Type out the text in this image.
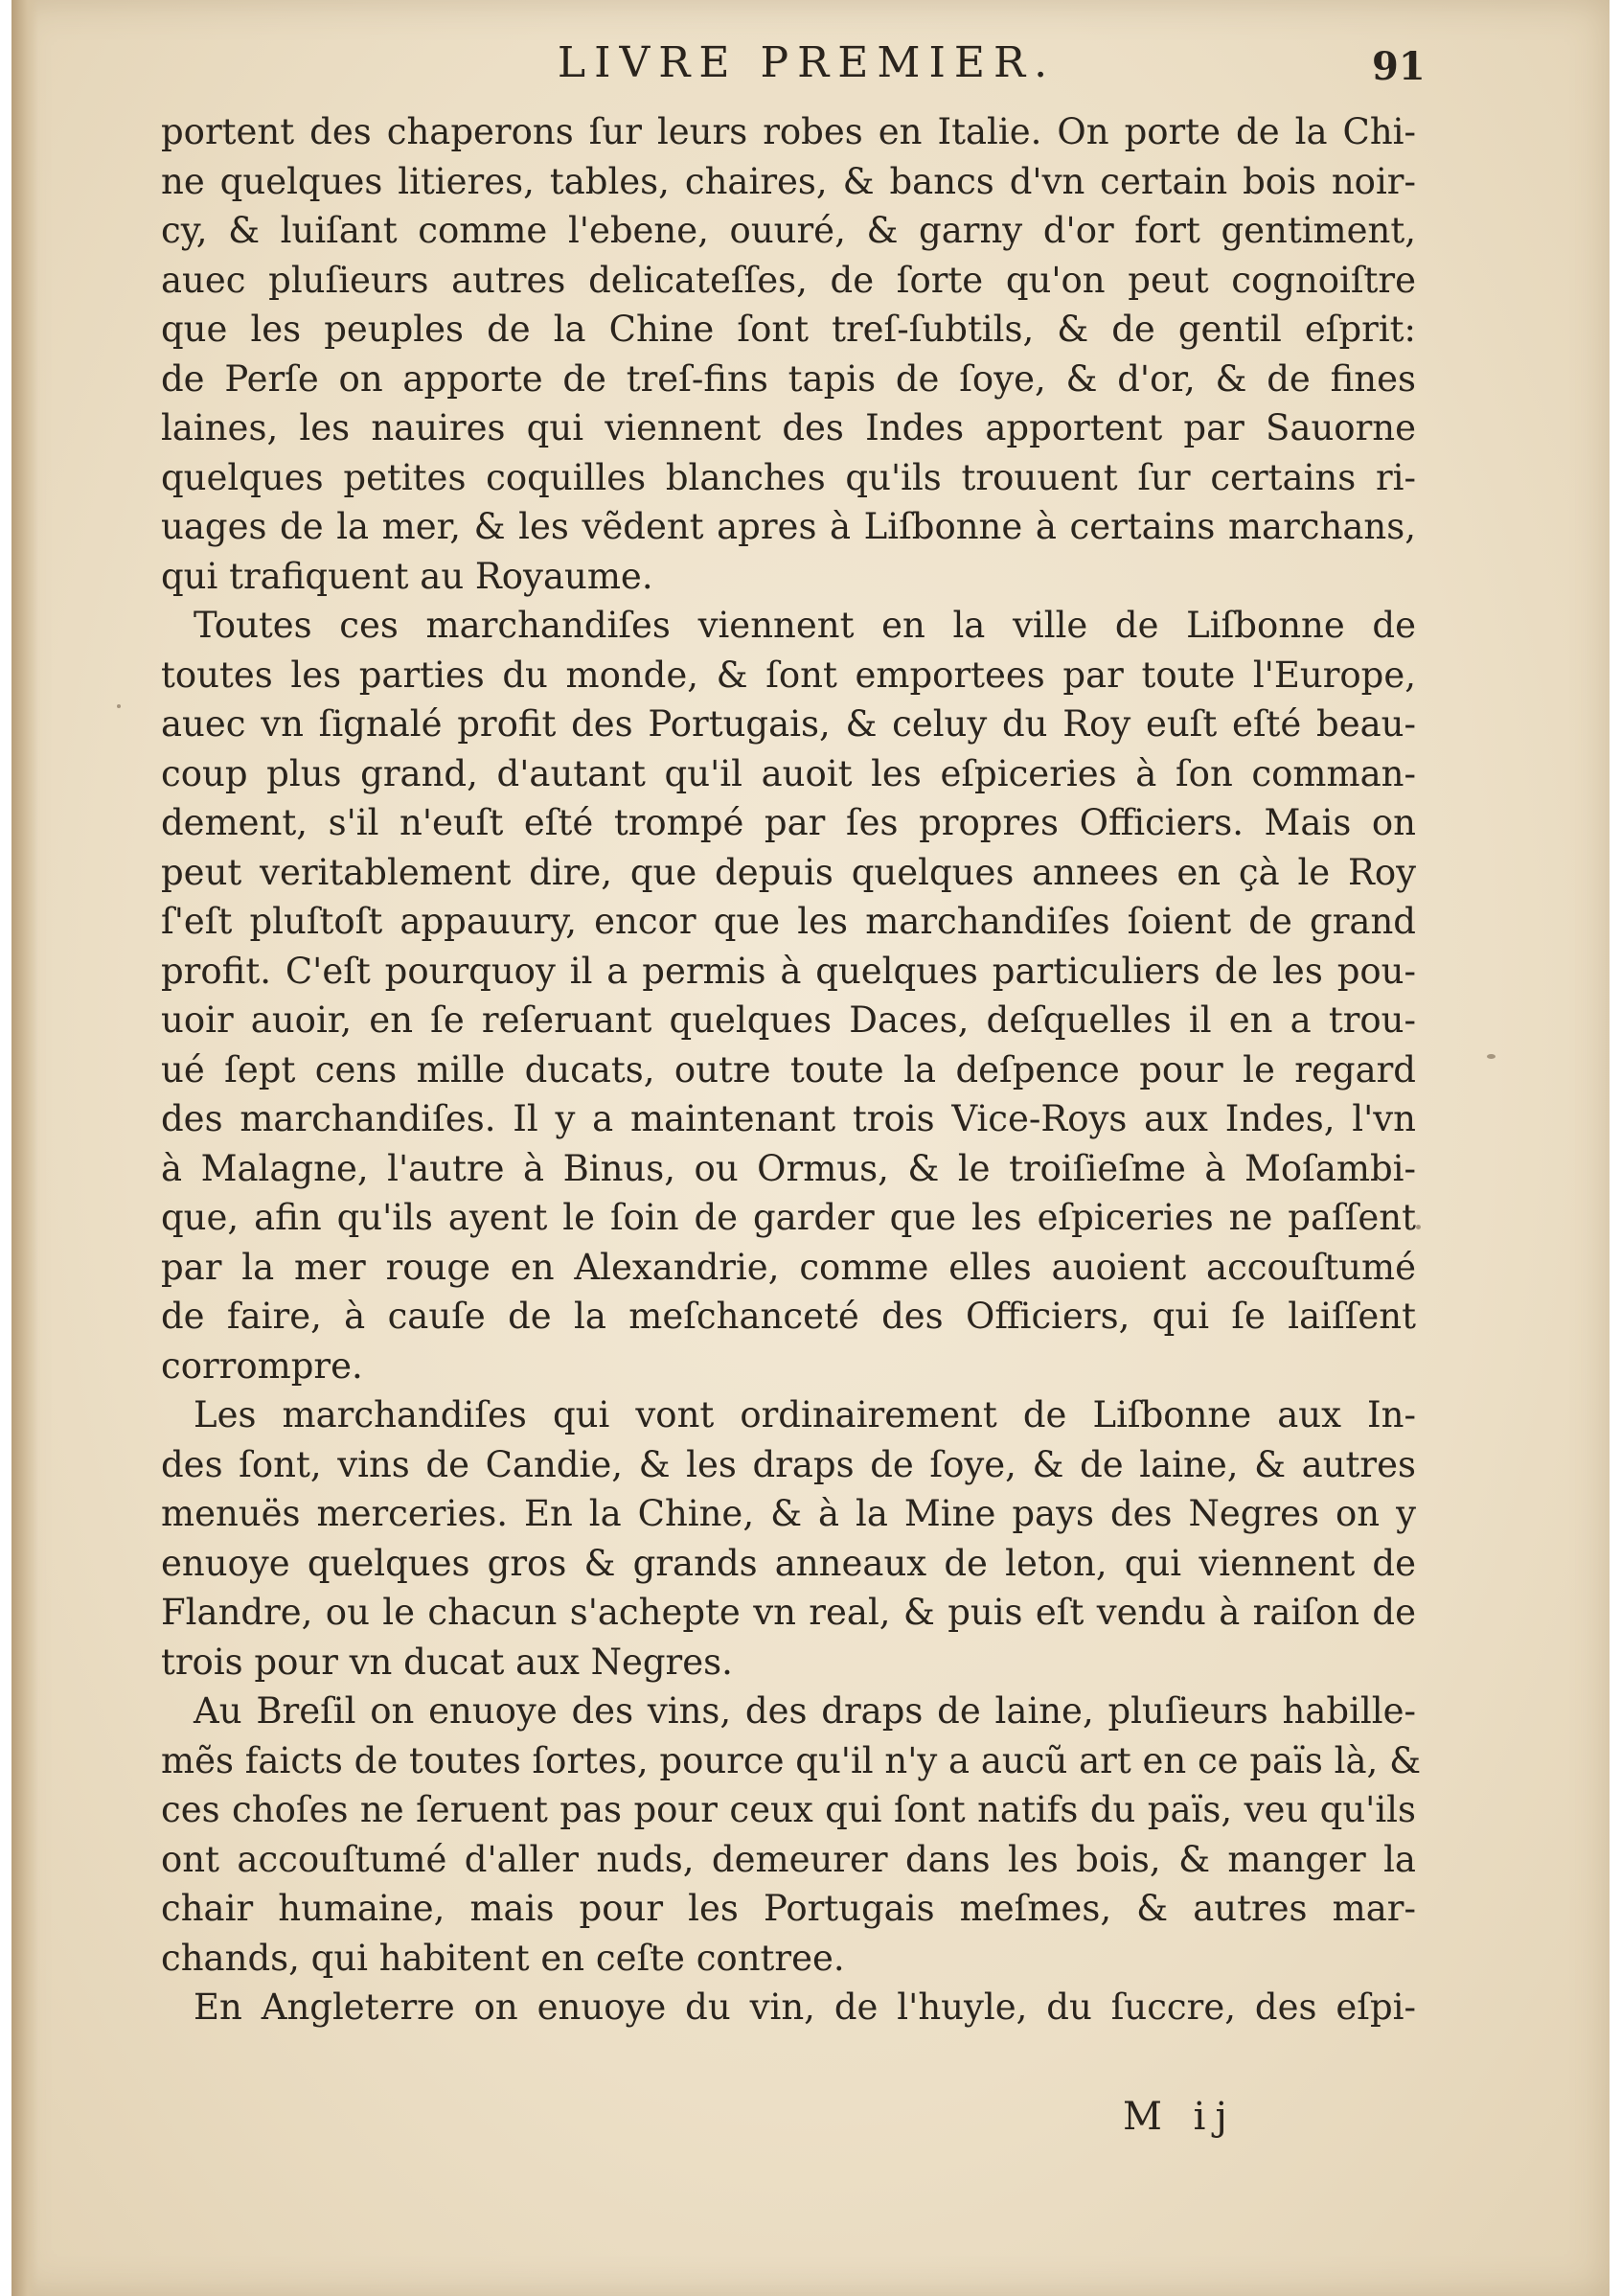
LIVRE PREMIER.	91
portent des chaperons ſur leurs robes en Italie. On porte de la Chi-
ne quelques litieres, tables, chaires, & bancs d'vn certain bois noir-
cy, & luiſant comme l'ebene, ouuré, & garny d'or fort gentiment,
auec pluſieurs autres delicateſſes, de ſorte qu'on peut cognoiſtre
que les peuples de la Chine ſont treſ-ſubtils, & de gentil eſprit:
de Perſe on apporte de treſ-fins tapis de ſoye, & d'or, & de fines
laines, les nauires qui viennent des Indes apportent par Sauorne
quelques petites coquilles blanches qu'ils trouuent ſur certains ri-
uages de la mer, & les vẽdent apres à Liſbonne à certains marchans,
qui trafiquent au Royaume.
Toutes ces marchandiſes viennent en la ville de Liſbonne de
toutes les parties du monde, & ſont emportees par toute l'Europe,
auec vn ſignalé profit des Portugais, & celuy du Roy euſt eſté beau-
coup plus grand, d'autant qu'il auoit les eſpiceries à ſon comman-
dement, s'il n'euſt eſté trompé par ſes propres Officiers. Mais on
peut veritablement dire, que depuis quelques annees en çà le Roy
ſ'eſt pluſtoſt appauury, encor que les marchandiſes ſoient de grand
profit. C'eſt pourquoy il a permis à quelques particuliers de les pou-
uoir auoir, en ſe reſeruant quelques Daces, deſquelles il en a trou-
ué ſept cens mille ducats, outre toute la deſpence pour le regard
des marchandiſes. Il y a maintenant trois Vice-Roys aux Indes, l'vn
à Malagne, l'autre à Binus, ou Ormus, & le troiſieſme à Moſambi-
que, afin qu'ils ayent le ſoin de garder que les eſpiceries ne paſſent
par la mer rouge en Alexandrie, comme elles auoient accouſtumé
de faire, à cauſe de la meſchanceté des Officiers, qui ſe laiſſent
corrompre.
Les marchandiſes qui vont ordinairement de Liſbonne aux In-
des ſont, vins de Candie, & les draps de ſoye, & de laine, & autres
menuës merceries. En la Chine, & à la Mine pays des Negres on y
enuoye quelques gros & grands anneaux de leton, qui viennent de
Flandre, ou le chacun s'achepte vn real, & puis eſt vendu à raiſon de
trois pour vn ducat aux Negres.
Au Breſil on enuoye des vins, des draps de laine, pluſieurs habille-
mẽs faicts de toutes ſortes, pource qu'il n'y a aucũ art en ce païs là, &
ces choſes ne ſeruent pas pour ceux qui ſont natifs du païs, veu qu'ils
ont accouſtumé d'aller nuds, demeurer dans les bois, & manger la
chair humaine, mais pour les Portugais meſmes, & autres mar-
chands, qui habitent en ceſte contree.
En Angleterre on enuoye du vin, de l'huyle, du ſuccre, des eſpi-
M ij
